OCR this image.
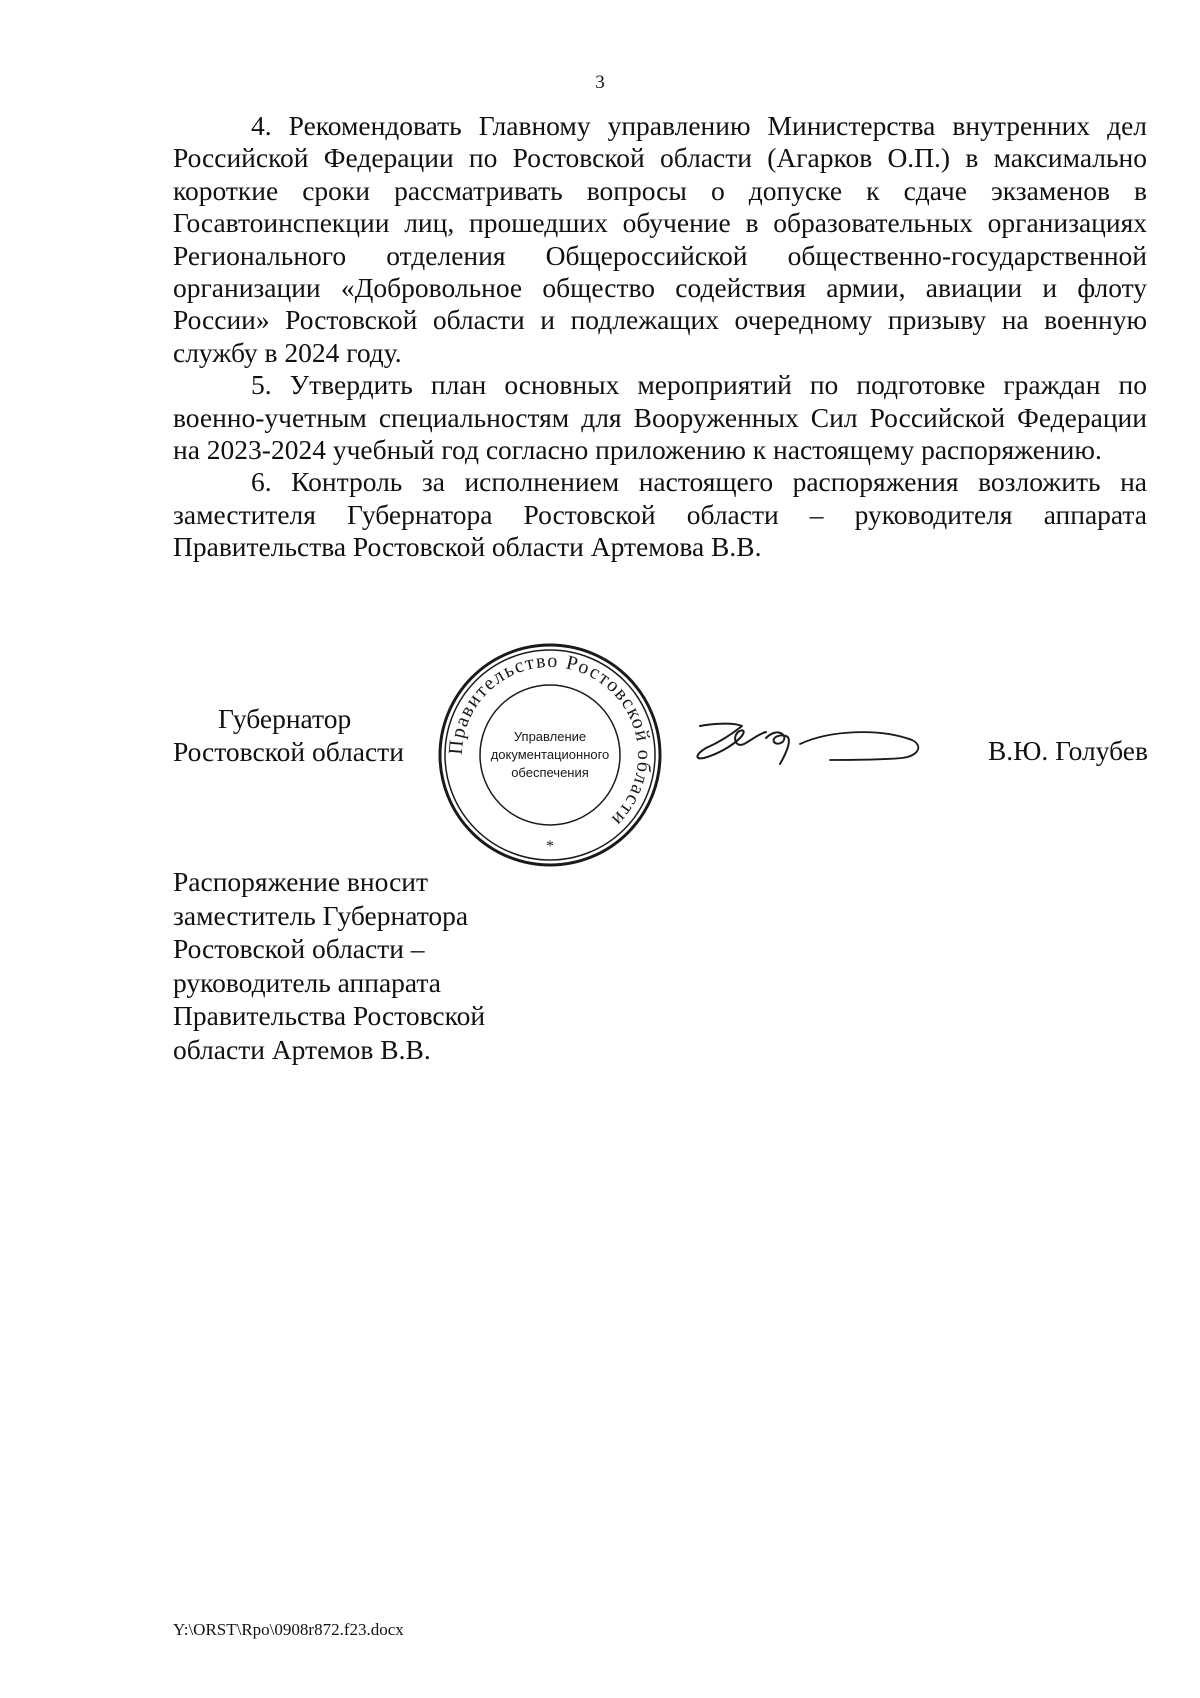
3

4. Рекомендовать Главному управлению Министерства внутренних дел Российской Федерации по Ростовской области (Агарков О.П.) в максимально короткие сроки рассматривать вопросы о допуске к сдаче экзаменов в Госавтоинспекции лиц, прошедших обучение в образовательных организациях Регионального отделения Общероссийской общественно-государственной организации «Добровольное общество содействия армии, авиации и флоту России» Ростовской области и подлежащих очередному призыву на военную службу в 2024 году.

5. Утвердить план основных мероприятий по подготовке граждан по военно-учетным специальностям для Вооруженных Сил Российской Федерации на 2023-2024 учебный год согласно приложению к настоящему распоряжению.

6. Контроль за исполнением настоящего распоряжения возложить на заместителя Губернатора Ростовской области – руководителя аппарата Правительства Ростовской области Артемова В.В.

Губернатор
Ростовской области	Правительство Ростовской области
Управление
документационного
обеспечения
*
В.Ю. Голубев
Распоряжение вносит
заместитель Губернатора
Ростовской области –
руководитель аппарата
Правительства Ростовской
области Артемов В.В.
Y:\ORST\Rpo\0908r872.f23.docx
